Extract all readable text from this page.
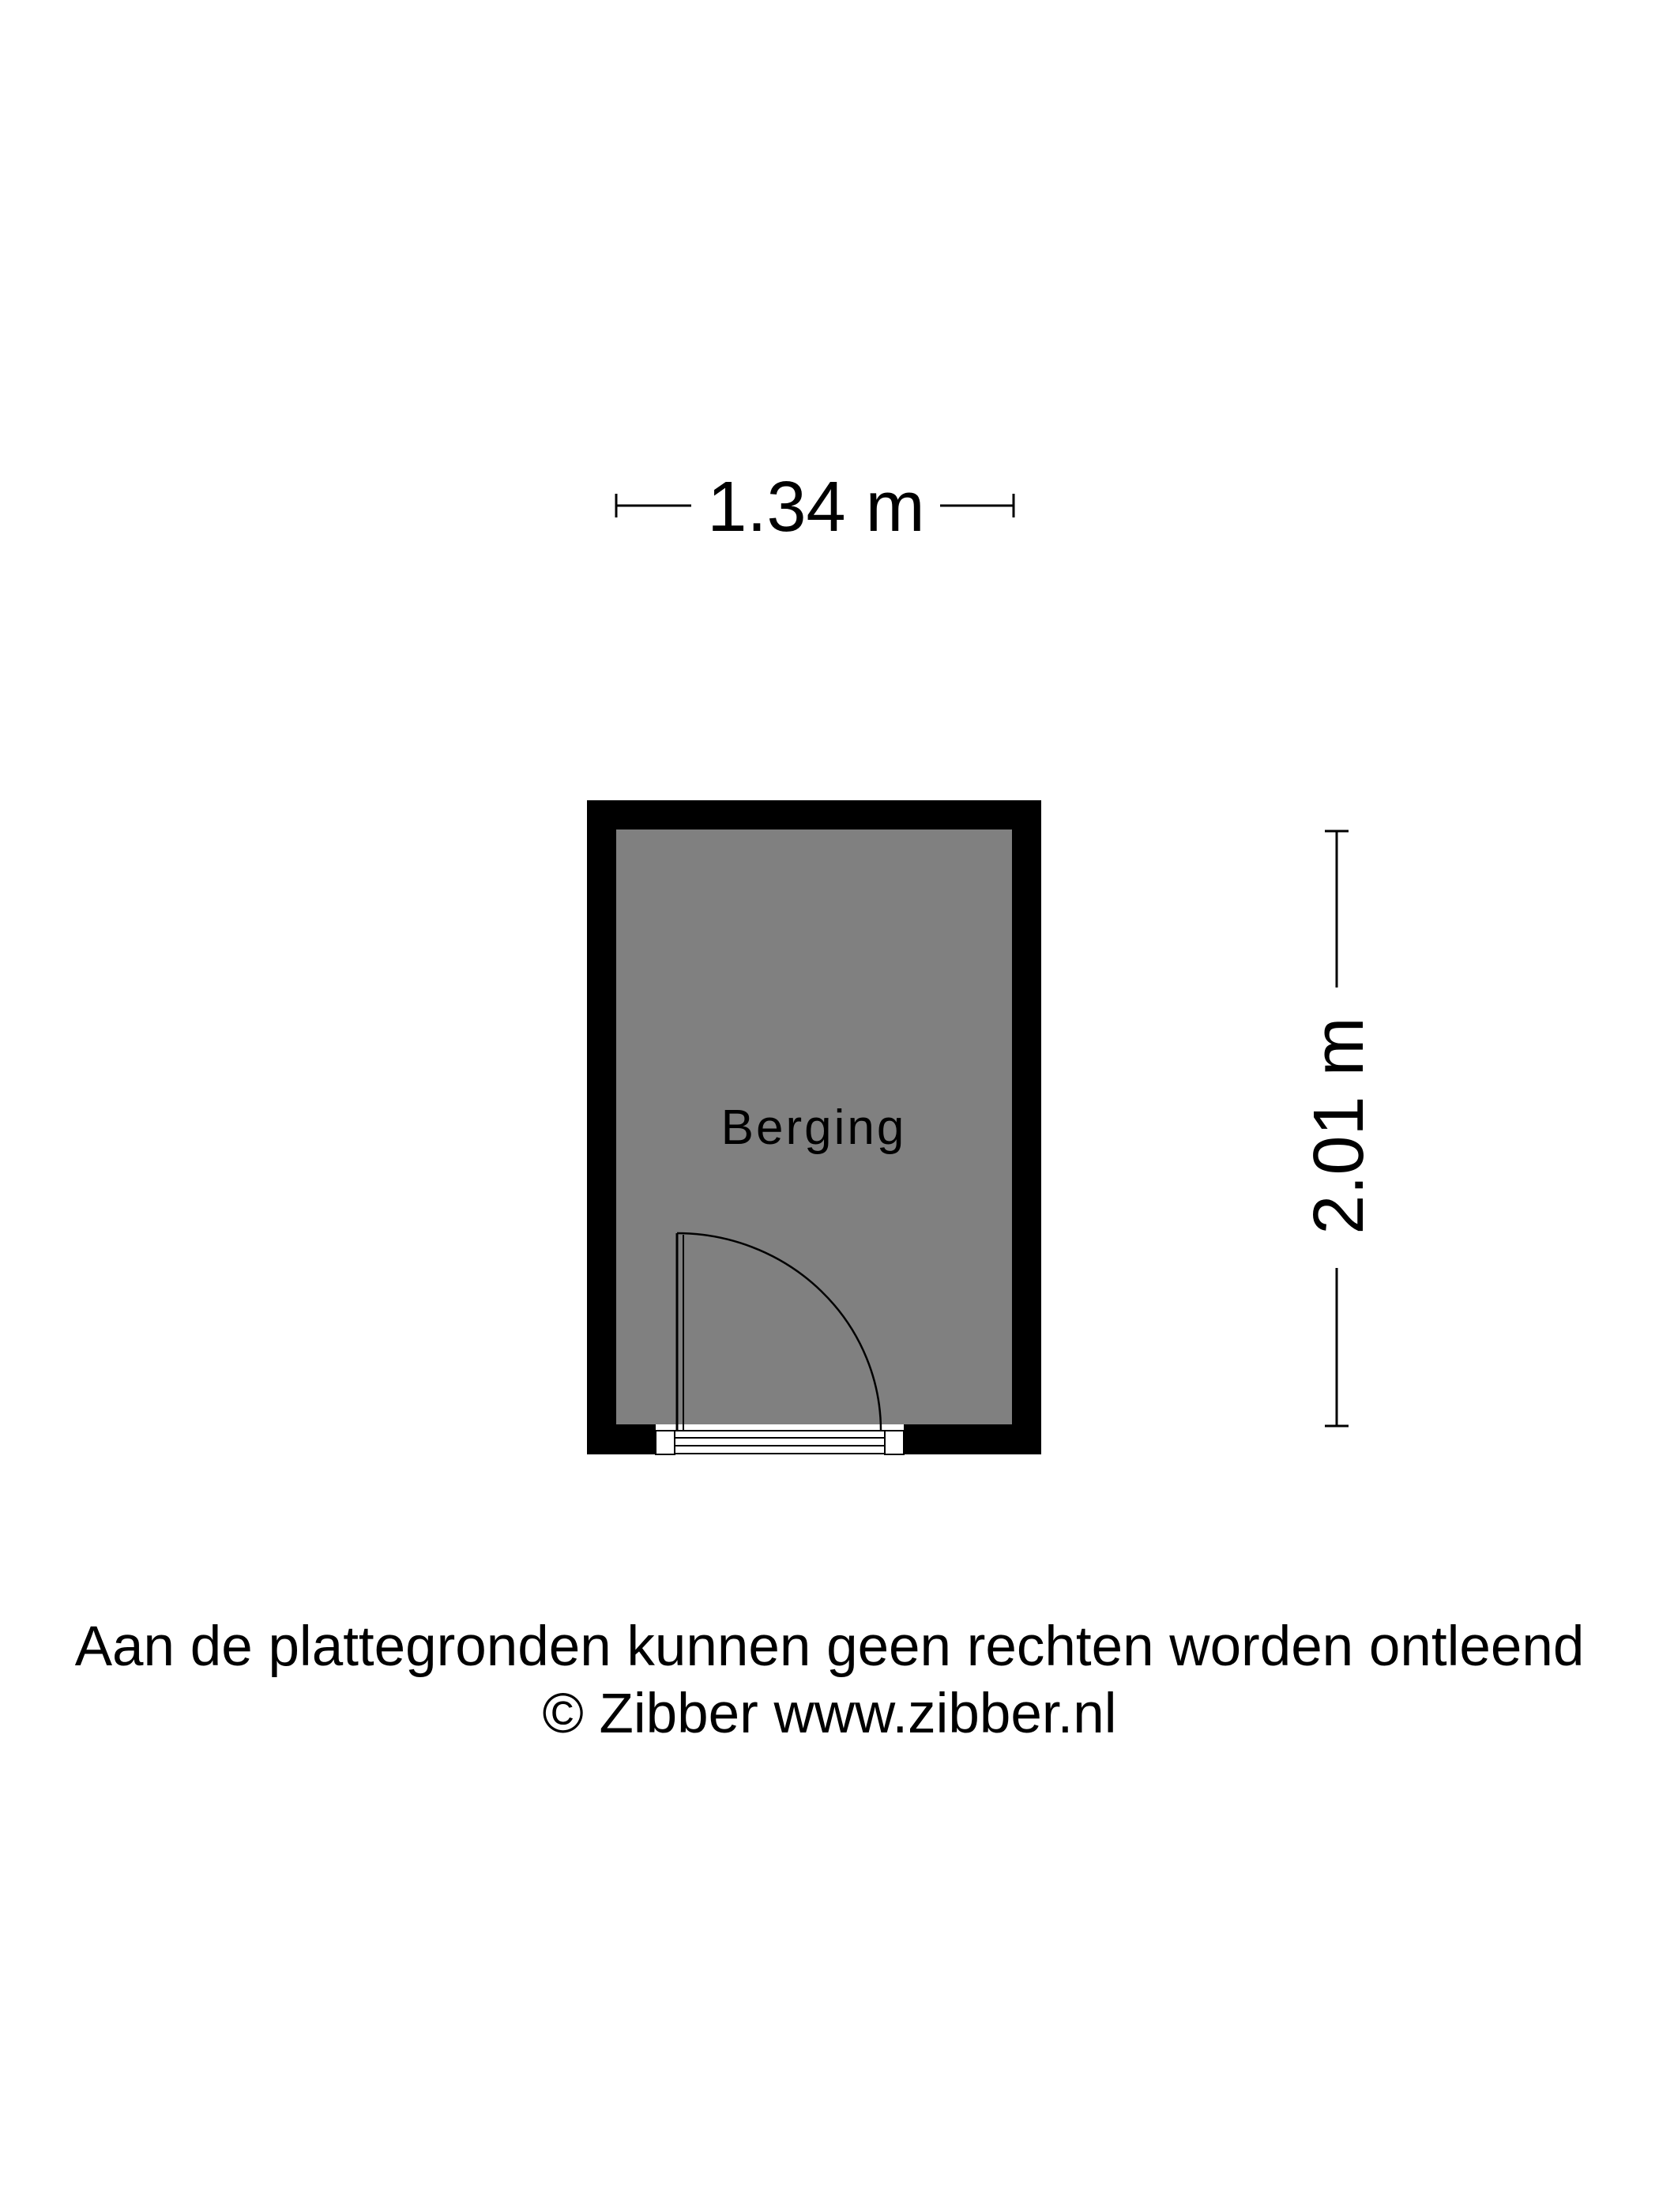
1.34 m
2.01 m
Berging
Aan de plattegronden kunnen geen rechten worden ontleend
© Zibber www.zibber.nl
